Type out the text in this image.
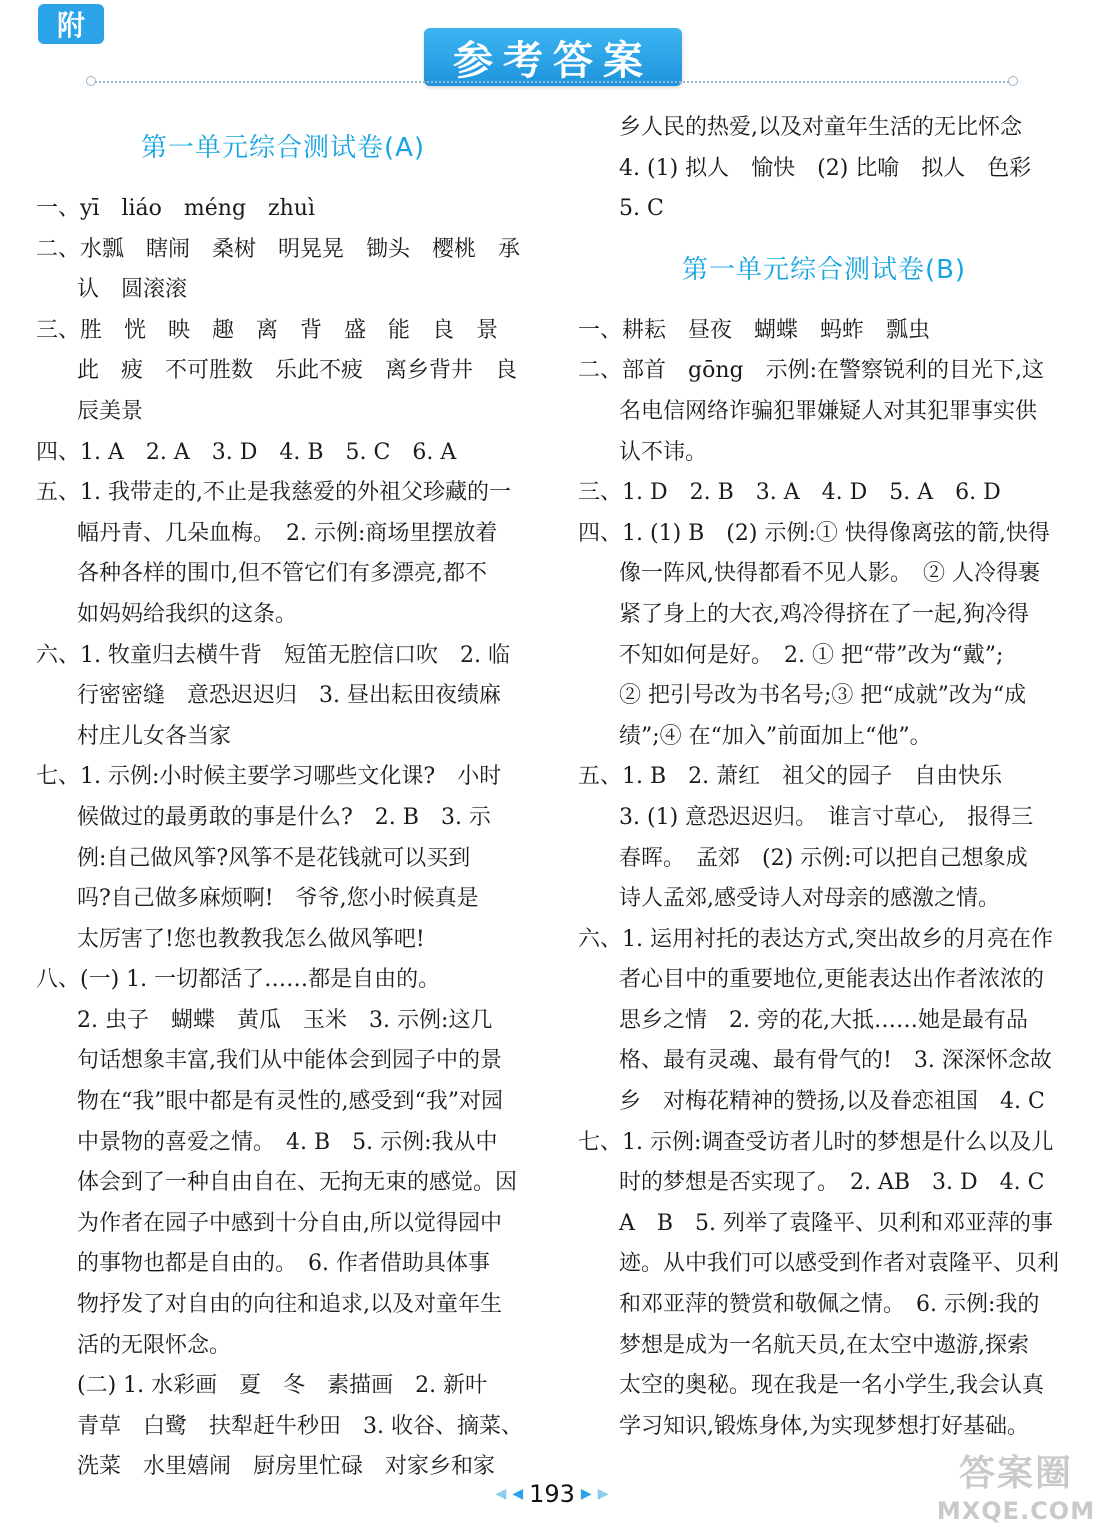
附
参考答案
第一单元综合测试卷(A)

一、yī　liáo　méng　zhuì

二、水瓢　瞎闹　桑树　明晃晃　锄头　樱桃　承

认　圆滚滚

三、胜　恍　映　趣　离　背　盛　能　良　景

此　疲　不可胜数　乐此不疲　离乡背井　良

辰美景

四、1. A　2. A　3. D　4. B　5. C　6. A

五、1. 我带走的,不止是我慈爱的外祖父珍藏的一

幅丹青、几朵血梅。　2. 示例:商场里摆放着

各种各样的围巾,但不管它们有多漂亮,都不

如妈妈给我织的这条。

六、1. 牧童归去横牛背　短笛无腔信口吹　2. 临

行密密缝　意恐迟迟归　3. 昼出耘田夜绩麻

村庄儿女各当家

七、1. 示例:小时候主要学习哪些文化课?　小时

候做过的最勇敢的事是什么?　2. B　3. 示

例:自己做风筝?风筝不是花钱就可以买到

吗?自己做多麻烦啊!　爷爷,您小时候真是

太厉害了!您也教教我怎么做风筝吧!

八、(一) 1. 一切都活了……都是自由的。

2. 虫子　蝴蝶　黄瓜　玉米　3. 示例:这几

句话想象丰富,我们从中能体会到园子中的景

物在“我”眼中都是有灵性的,感受到“我”对园

中景物的喜爱之情。　4. B　5. 示例:我从中

体会到了一种自由自在、无拘无束的感觉。因

为作者在园子中感到十分自由,所以觉得园中

的事物也都是自由的。　6. 作者借助具体事

物抒发了对自由的向往和追求,以及对童年生

活的无限怀念。

(二) 1. 水彩画　夏　冬　素描画　2. 新叶

青草　白鹭　扶犁赶牛秒田　3. 收谷、摘菜、

洗菜　水里嬉闹　厨房里忙碌　对家乡和家

乡人民的热爱,以及对童年生活的无比怀念

4. (1) 拟人　愉快　(2) 比喻　拟人　色彩

5. C

第一单元综合测试卷(B)

一、耕耘　昼夜　蝴蝶　蚂蚱　瓢虫

二、部首　gōng　示例:在警察锐利的目光下,这

名电信网络诈骗犯罪嫌疑人对其犯罪事实供

认不讳。

三、1. D　2. B　3. A　4. D　5. A　6. D

四、1. (1) B　(2) 示例:① 快得像离弦的箭,快得

像一阵风,快得都看不见人影。　② 人冷得裹

紧了身上的大衣,鸡冷得挤在了一起,狗冷得

不知如何是好。　2. ① 把“带”改为“戴”;

② 把引号改为书名号;③ 把“成就”改为“成

绩”;④ 在“加入”前面加上“他”。

五、1. B　2. 萧红　祖父的园子　自由快乐

3. (1) 意恐迟迟归。　谁言寸草心,　报得三

春晖。　孟郊　(2) 示例:可以把自己想象成

诗人孟郊,感受诗人对母亲的感激之情。

六、1. 运用衬托的表达方式,突出故乡的月亮在作

者心目中的重要地位,更能表达出作者浓浓的

思乡之情　2. 旁的花,大抵……她是最有品

格、最有灵魂、最有骨气的!　3. 深深怀念故

乡　对梅花精神的赞扬,以及眷恋祖国　4. C

七、1. 示例:调查受访者儿时的梦想是什么以及儿

时的梦想是否实现了。　2. AB　3. D　4. C

A　B　5. 列举了袁隆平、贝利和邓亚萍的事

迹。从中我们可以感受到作者对袁隆平、贝利

和邓亚萍的赞赏和敬佩之情。　6. 示例:我的

梦想是成为一名航天员,在太空中遨游,探索

太空的奥秘。现在我是一名小学生,我会认真

学习知识,锻炼身体,为实现梦想打好基础。

◀ ◀ 193 ▶ ▶	答案圈
MXQE.COM
